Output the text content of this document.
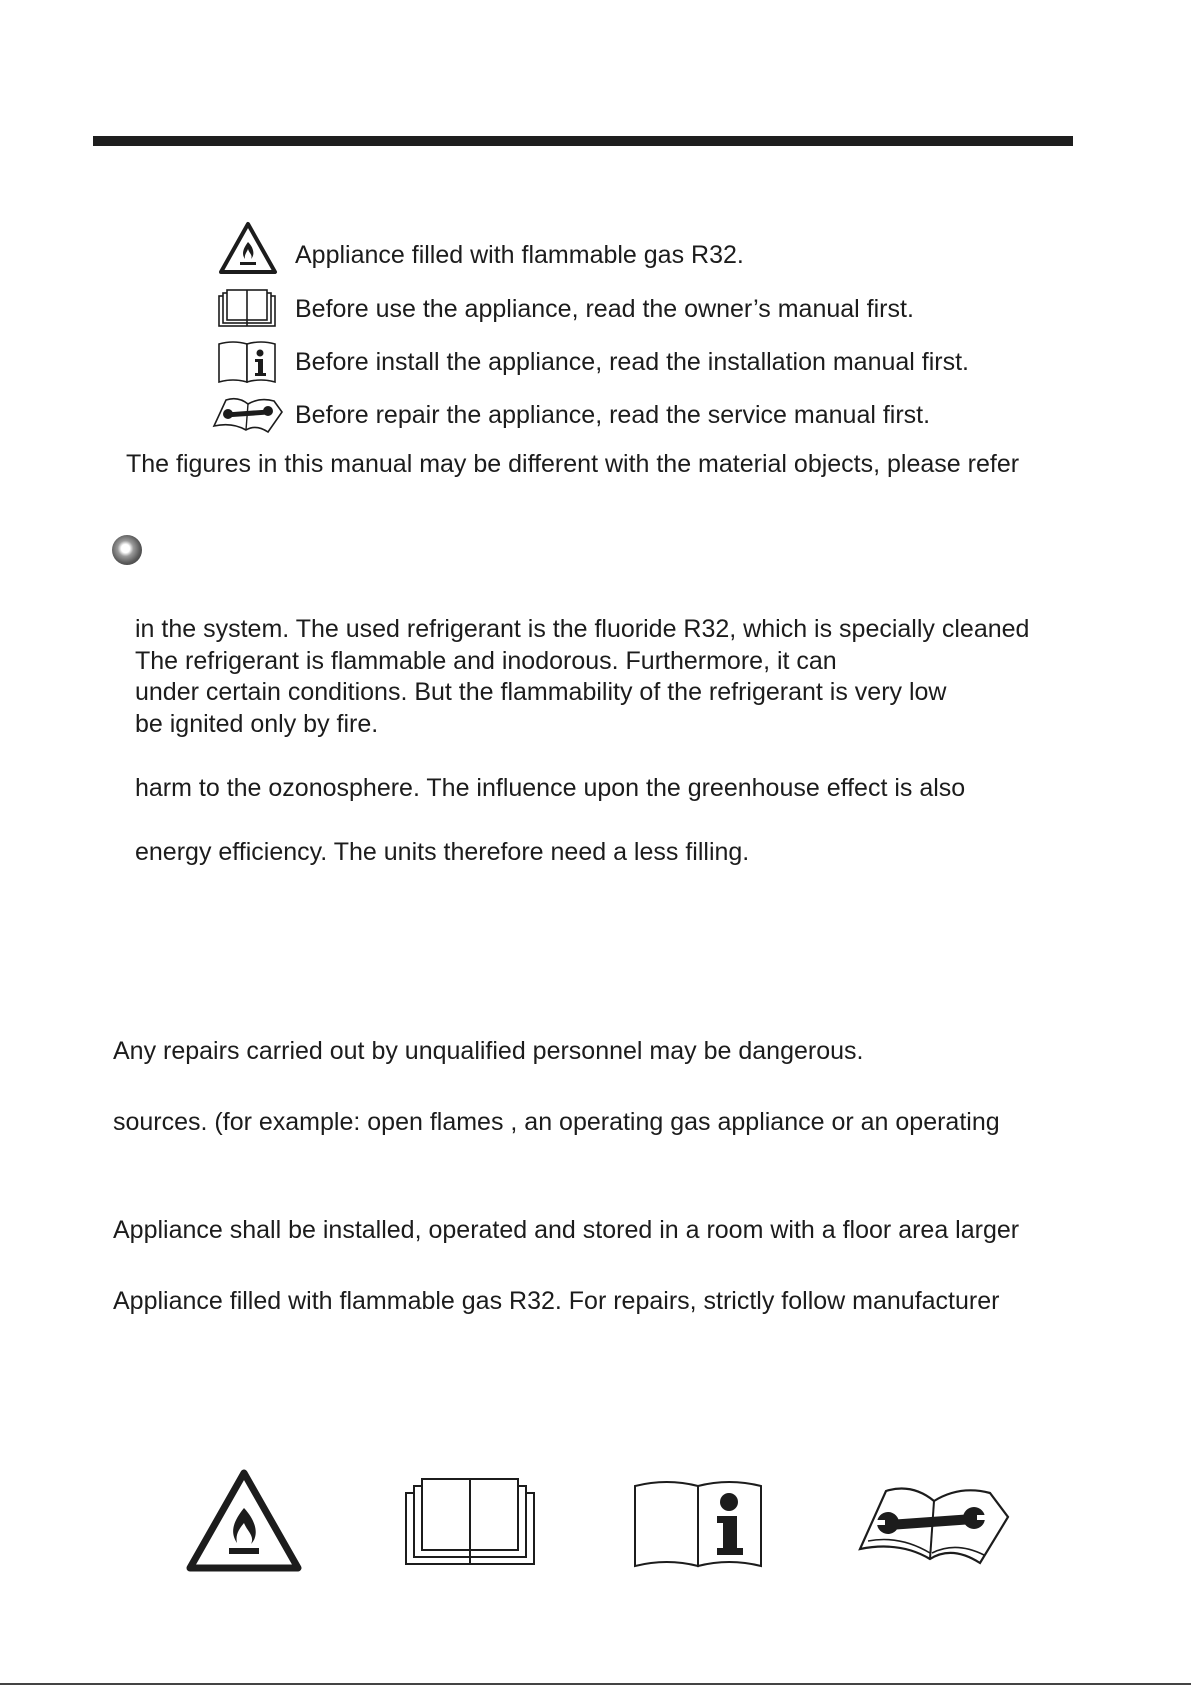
Appliance filled with flammable gas R32.
Before use the appliance, read the owner’s manual first.
Before install the appliance, read the installation manual first.
Before repair the appliance, read the service manual first.
The figures in this manual may be different with the material objects, please refer
in the system. The used refrigerant is the fluoride R32, which is specially cleaned
The refrigerant is flammable and inodorous. Furthermore, it can
under certain conditions. But the flammability of the refrigerant is very low
be ignited only by fire.
harm to the ozonosphere. The influence upon the greenhouse effect is also
energy efficiency. The units therefore need a less filling.
Any repairs carried out by unqualified personnel may be dangerous.
sources. (for example: open flames , an operating gas appliance or an operating
Appliance shall be installed, operated and stored in a room with a floor area larger
Appliance filled with flammable gas R32. For repairs, strictly follow manufacturer
